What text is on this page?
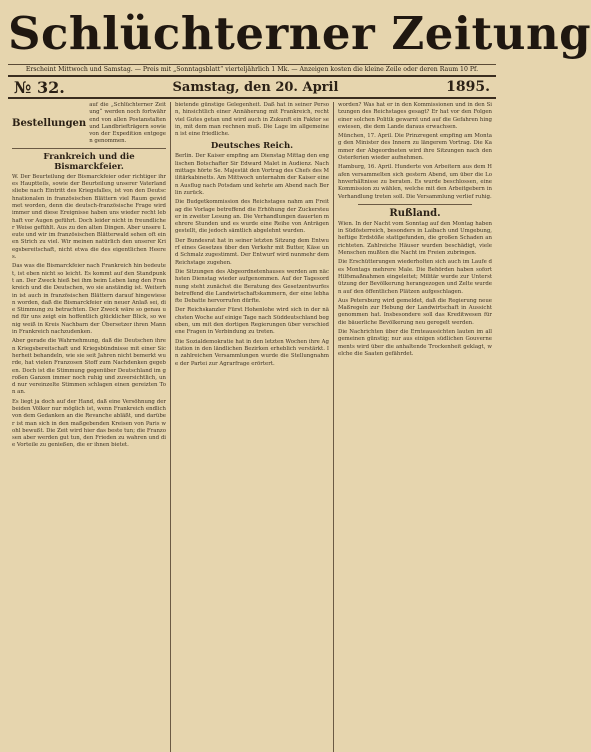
Schlüchterner Zeitung
Erscheint Mittwoch und Samstag. — Preis mit „Sonntagsblatt“ vierteljährlich 1 Mk. — Anzeigen kosten die kleine Zeile oder deren Raum 10 Pf.
№ 32.	Samstag, den 20. April	1895.
Bestellungen

auf die „Schlüchterner Zeitung“ werden noch fortwährend von allen Postanstalten und Landbriefträgern sowie von der Expedition entgegen genommen.

Frankreich und die Bismarckfeier.

W. Der Beurteilung der Bismarckfeier oder richtiger ihres Hauptteils, sowie der Beurteilung unserer Vaterlandsliebe nach Eintritt des Kriegsfalles, ist von den Deutschnationalen in französischen Blättern viel Raum gewidmet worden, denn die deutsch-französische Frage wird immer und diese Ereignisse haben uns wieder recht lebhaft vor Augen geführt. Doch leider nicht in freundlicher Weise gefühlt. Aus zu den alten Dingen. Aber unsere Leute und wir im französischen Blätterwald sehen oft einen Strich zu viel. Wir meinen natürlich den unserer Kriegsbereitschaft, nicht etwa die des eigentlichen Heeres.

Das was die Bismarckfeier nach Frankreich hin bedeutet, ist eben nicht so leicht. Es kommt auf den Standpunkt an. Der Zweck hieß bei ihm beim Leben lang den Frankreich und die Deutschen, wo sie anständig ist. Weiterhin ist auch in französischen Blättern darauf hingewiesen worden, daß die Bismarckfeier ein neuer Anlaß sei, die Stimmung zu betrachten. Der Zweck wäre so genau und für uns zeigt ein hoffentlich glücklicher Blick, so wenig weiß in Kreis Nachbarn der Übersetzer ihren Mann in Frankreich nachzudenken.

Aber gerade die Wahrnehmung, daß die Deutschen ihren Kriegsbereitschaft und Kriegsbündnisse mit einer Sicherheit behandeln, wie sie seit Jahren nicht bemerkt wurde, hat vielen Franzosen Stoff zum Nachdenken gegeben. Doch ist die Stimmung gegenüber Deutschland im großen Ganzen immer noch ruhig und zuversichtlich, und nur vereinzelte Stimmen schlagen einen gereizten Ton an.

Es liegt ja doch auf der Hand, daß eine Versöhnung der beiden Völker nur möglich ist, wenn Frankreich endlich von dem Gedanken an die Revanche abläßt, und darüber ist man sich in den maßgebenden Kreisen von Paris wohl bewußt. Die Zeit wird hier das beste tun; die Franzosen aber werden gut tun, den Frieden zu wahren und die Vorteile zu genießen, die er ihnen bietet.

bietende günstige Gelegenheit. Daß hat in seiner Person, hinsichtlich einer Annäherung mit Frankreich, recht viel Gutes getan und wird auch in Zukunft ein Faktor sein, mit dem man rechnen muß. Die Lage im allgemeinen ist eine friedliche.

Deutsches Reich.

Berlin. Der Kaiser empfing am Dienstag Mittag den englischen Botschafter Sir Edward Malet in Audienz. Nachmittags hörte Se. Majestät den Vortrag des Chefs des Militärkabinetts. Am Mittwoch unternahm der Kaiser einen Ausflug nach Potsdam und kehrte am Abend nach Berlin zurück.

Die Budgetkommission des Reichstages nahm am Freitag die Vorlage betreffend die Erhöhung der Zuckersteuer in zweiter Lesung an. Die Verhandlungen dauerten mehrere Stunden und es wurde eine Reihe von Anträgen gestellt, die jedoch sämtlich abgelehnt wurden.

Der Bundesrat hat in seiner letzten Sitzung dem Entwurf eines Gesetzes über den Verkehr mit Butter, Käse und Schmalz zugestimmt. Der Entwurf wird nunmehr dem Reichstage zugehen.

Die Sitzungen des Abgeordnetenhauses werden am nächsten Dienstag wieder aufgenommen. Auf der Tagesordnung steht zunächst die Beratung des Gesetzentwurfes betreffend die Landwirtschaftskammern, der eine lebhafte Debatte hervorrufen dürfte.

Der Reichskanzler Fürst Hohenlohe wird sich in der nächsten Woche auf einige Tage nach Süddeutschland begeben, um mit den dortigen Regierungen über verschiedene Fragen in Verbindung zu treten.

Die Sozialdemokratie hat in den letzten Wochen ihre Agitation in den ländlichen Bezirken erheblich verstärkt. In zahlreichen Versammlungen wurde die Stellungnahme der Partei zur Agrarfrage erörtert.

worden? Was hat er in den Kommissionen und in den Sitzungen des Reichstages gesagt? Er hat vor den Folgen einer solchen Politik gewarnt und auf die Gefahren hingewiesen, die dem Lande daraus erwachsen.

München, 17. April. Die Prinzregent empfing am Montag den Minister des Innern zu längerem Vortrag. Die Kammer der Abgeordneten wird ihre Sitzungen nach den Osterferien wieder aufnehmen.

Hamburg, 16. April. Hunderte von Arbeitern aus dem Hafen versammelten sich gestern Abend, um über die Lohnverhältnisse zu beraten. Es wurde beschlossen, eine Kommission zu wählen, welche mit den Arbeitgebern in Verhandlung treten soll. Die Versammlung verlief ruhig.

Rußland.

Wien. In der Nacht vom Sonntag auf den Montag haben in Südösterreich, besonders in Laibach und Umgebung, heftige Erdstöße stattgefunden, die großen Schaden anrichteten. Zahlreiche Häuser wurden beschädigt, viele Menschen mußten die Nacht im Freien zubringen.

Die Erschütterungen wiederholten sich auch im Laufe des Montags mehrere Male. Die Behörden haben sofort Hilfsmaßnahmen eingeleitet; Militär wurde zur Unterstützung der Bevölkerung herangezogen und Zelte wurden auf den öffentlichen Plätzen aufgeschlagen.

Aus Petersburg wird gemeldet, daß die Regierung neue Maßregeln zur Hebung der Landwirtschaft in Aussicht genommen hat. Insbesondere soll das Kreditwesen für die bäuerliche Bevölkerung neu geregelt werden.

Die Nachrichten über die Ernteaussichten lauten im allgemeinen günstig; nur aus einigen südlichen Gouvernements wird über die anhaltende Trockenheit geklagt, welche die Saaten gefährdet.
